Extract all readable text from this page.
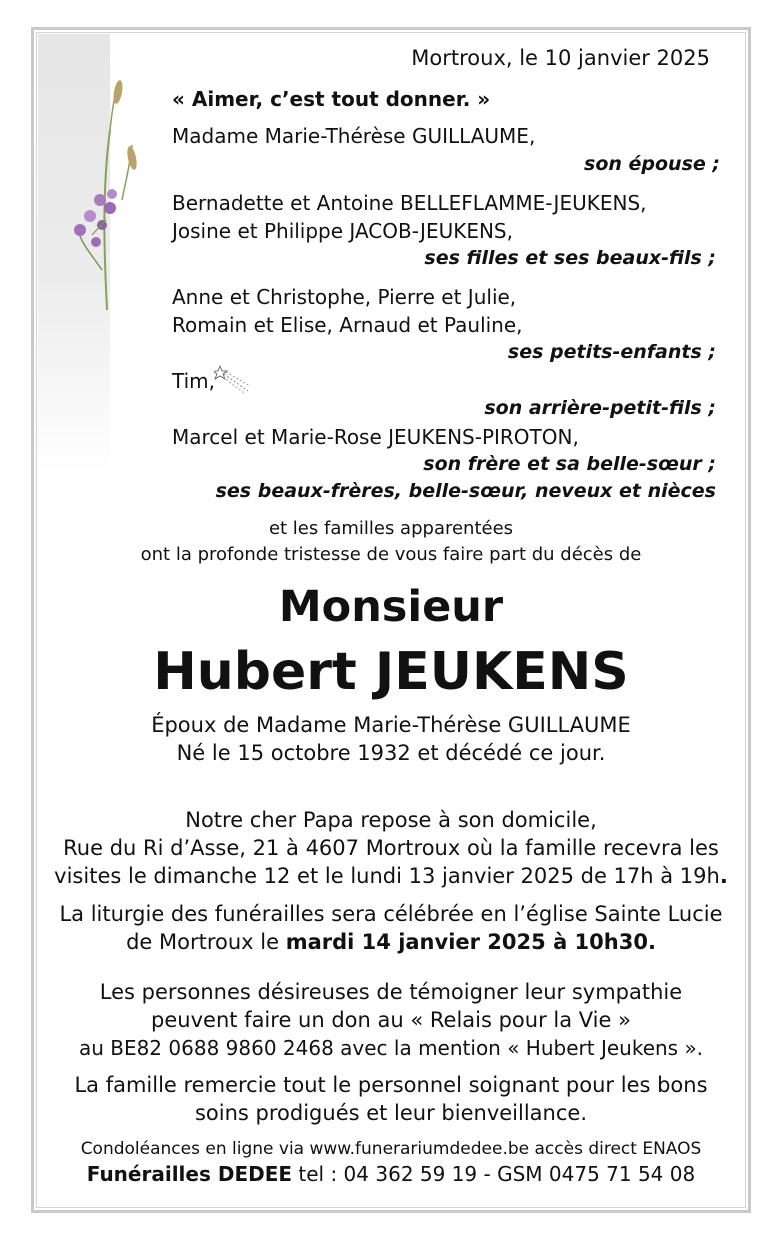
Mortroux, le 10 janvier 2025
« Aimer, c’est tout donner. »
Madame Marie-Thérèse GUILLAUME,
son épouse ;
Bernadette et Antoine BELLEFLAMME-JEUKENS,
Josine et Philippe JACOB-JEUKENS,
ses filles et ses beaux-fils ;
Anne et Christophe, Pierre et Julie,
Romain et Elise, Arnaud et Pauline,
ses petits-enfants ;
Tim,
son arrière-petit-fils ;
Marcel et Marie-Rose JEUKENS-PIROTON,
son frère et sa belle-sœur ;
ses beaux-frères, belle-sœur, neveux et nièces
et les familles apparentées
ont la profonde tristesse de vous faire part du décès de
Monsieur
Hubert JEUKENS
Époux de Madame Marie-Thérèse GUILLAUME
Né le 15 octobre 1932 et décédé ce jour.
Notre cher Papa repose à son domicile,
Rue du Ri d’Asse, 21 à 4607 Mortroux où la famille recevra les
visites le dimanche 12 et le lundi 13 janvier 2025 de 17h à 19h.
La liturgie des funérailles sera célébrée en l’église Sainte Lucie
de Mortroux le mardi 14 janvier 2025 à 10h30.
Les personnes désireuses de témoigner leur sympathie
peuvent faire un don au « Relais pour la Vie »
au BE82 0688 9860 2468 avec la mention « Hubert Jeukens ».
La famille remercie tout le personnel soignant pour les bons
soins prodigués et leur bienveillance.
Condoléances en ligne via www.funerariumdedee.be accès direct ENAOS
Funérailles DEDEE tel : 04 362 59 19 - GSM 0475 71 54 08
